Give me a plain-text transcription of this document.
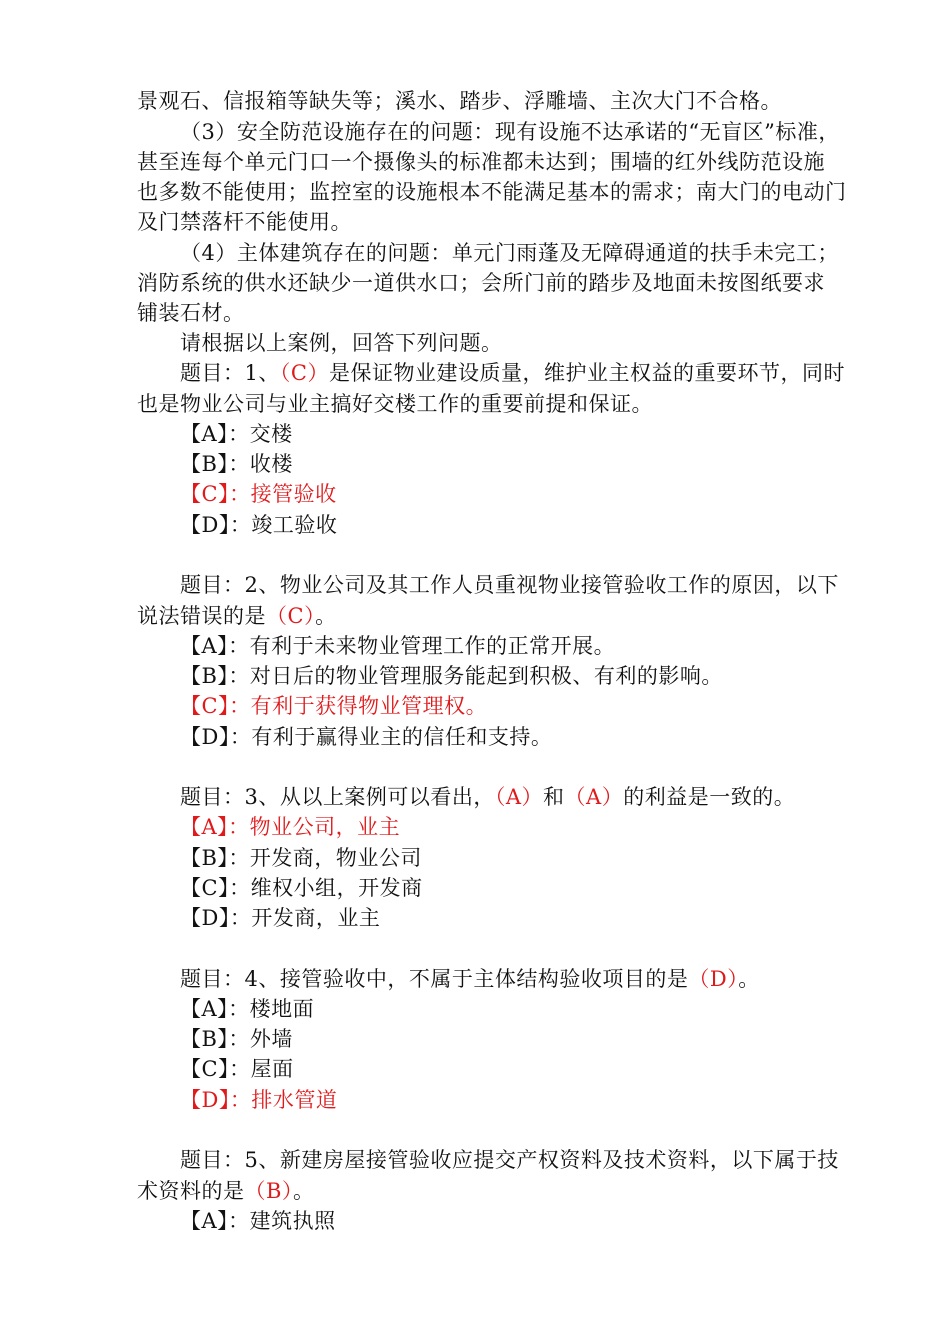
景观石、信报箱等缺失等；溪水、踏步、浮雕墙、主次大门不合格。
（3）安全防范设施存在的问题：现有设施不达承诺的“无盲区”标准，
甚至连每个单元门口一个摄像头的标准都未达到；围墙的红外线防范设施
也多数不能使用；监控室的设施根本不能满足基本的需求；南大门的电动门
及门禁落杆不能使用。
（4）主体建筑存在的问题：单元门雨蓬及无障碍通道的扶手未完工；
消防系统的供水还缺少一道供水口；会所门前的踏步及地面未按图纸要求
铺装石材。
请根据以上案例，回答下列问题。
题目：1、（C）是保证物业建设质量，维护业主权益的重要环节，同时
也是物业公司与业主搞好交楼工作的重要前提和保证。
【A】：交楼
【B】：收楼
【C】：接管验收
【D】：竣工验收
题目：2、物业公司及其工作人员重视物业接管验收工作的原因，以下
说法错误的是（C）。
【A】：有利于未来物业管理工作的正常开展。
【B】：对日后的物业管理服务能起到积极、有利的影响。
【C】：有利于获得物业管理权。
【D】：有利于赢得业主的信任和支持。
题目：3、从以上案例可以看出，（A）和（A）的利益是一致的。
【A】：物业公司，业主
【B】：开发商，物业公司
【C】：维权小组，开发商
【D】：开发商，业主
题目：4、接管验收中，不属于主体结构验收项目的是（D）。
【A】：楼地面
【B】：外墙
【C】：屋面
【D】：排水管道
题目：5、新建房屋接管验收应提交产权资料及技术资料，以下属于技
术资料的是（B）。
【A】：建筑执照
